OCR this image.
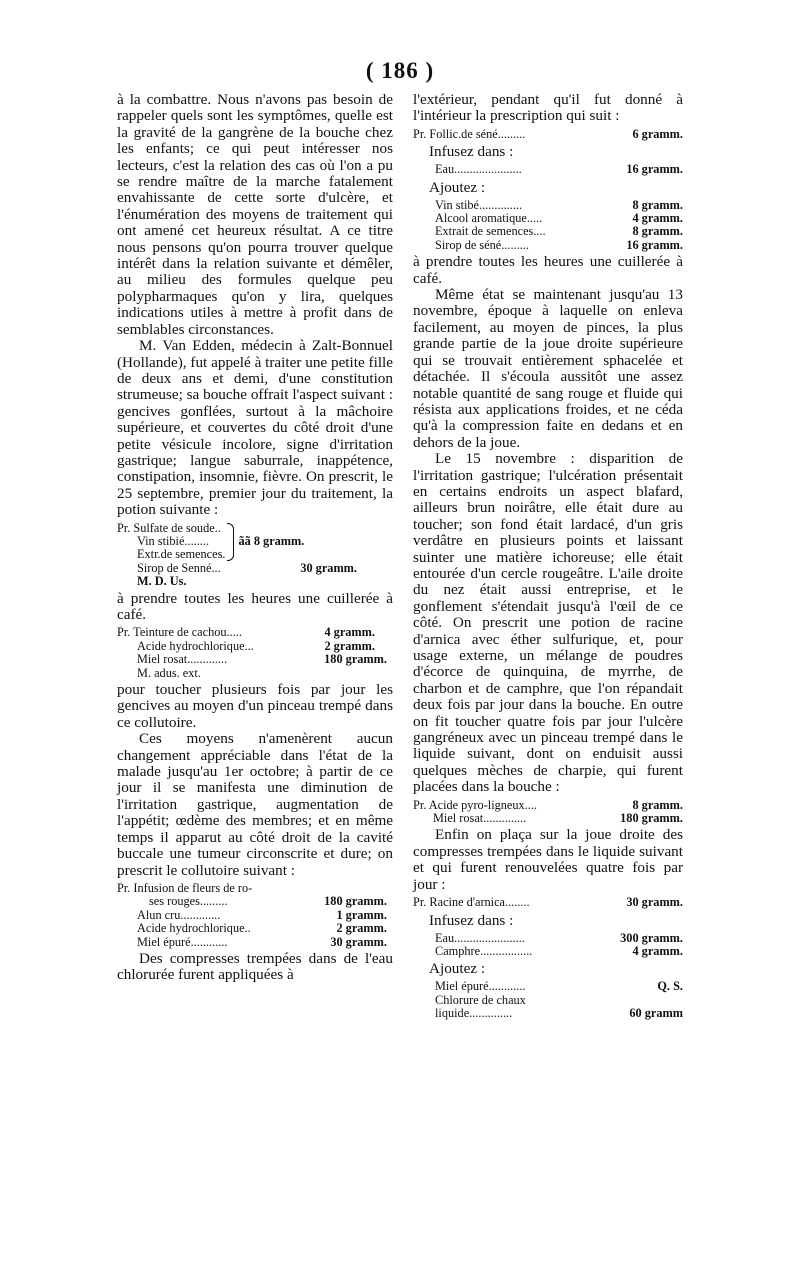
( 186 )

à la combattre. Nous n'avons pas besoin de rappeler quels sont les symptômes, quelle est la gravité de la gangrène de la bouche chez les enfants; ce qui peut intéresser nos lecteurs, c'est la relation des cas où l'on a pu se rendre maître de la marche fatalement envahissante de cette sorte d'ulcère, et l'énumération des moyens de traitement qui ont amené cet heureux résultat. A ce titre nous pensons qu'on pourra trouver quelque intérêt dans la relation suivante et démêler, au milieu des formules quelque peu polypharmaques qu'on y lira, quelques indications utiles à mettre à profit dans de semblables circonstances.

M. Van Edden, médecin à Zalt-Bonnuel (Hollande), fut appelé à traiter une petite fille de deux ans et demi, d'une constitution strumeuse; sa bouche offrait l'aspect suivant : gencives gonflées, surtout à la mâchoire supérieure, et couvertes du côté droit d'une petite vésicule incolore, signe d'irritation gastrique; langue saburrale, inappétence, constipation, insomnie, fièvre. On prescrit, le 25 septembre, premier jour du traitement, la potion suivante :

Pr. Sulfate de soude..
Vin stibié........
Extr.de semences.
ãã 8 gramm.
Sirop de Senné...	30 gramm.
M. D. Us.

à prendre toutes les heures une cuillerée à café.

Pr. Teinture de cachou.....	4 gramm.
Acide hydrochlorique...	2 gramm.
Miel rosat.............	180 gramm.
M. adus. ext.

pour toucher plusieurs fois par jour les gencives au moyen d'un pinceau trempé dans ce collutoire.

Ces moyens n'amenèrent aucun changement appréciable dans l'état de la malade jusqu'au 1er octobre; à partir de ce jour il se manifesta une diminution de l'irritation gastrique, augmentation de l'appétit; œdème des membres; et en même temps il apparut au côté droit de la cavité buccale une tumeur circonscrite et dure; on prescrit le collutoire suivant :

Pr. Infusion de fleurs de ro-
ses rouges.........	180 gramm.
Alun cru.............	1 gramm.
Acide hydrochlorique..	2 gramm.
Miel épuré............	30 gramm.

Des compresses trempées dans de l'eau chlorurée furent appliquées à

l'extérieur, pendant qu'il fut donné à l'intérieur la prescription qui suit :

Pr. Follic.de séné.........	6 gramm.
Infusez dans :
Eau......................	16 gramm.
Ajoutez :
Vin stibé..............	8 gramm.
Alcool aromatique.....	4 gramm.
Extrait de semences....	8 gramm.
Sirop de séné.........	16 gramm.

à prendre toutes les heures une cuillerée à café.

Même état se maintenant jusqu'au 13 novembre, époque à laquelle on enleva facilement, au moyen de pinces, la plus grande partie de la joue droite supérieure qui se trouvait entièrement sphacelée et détachée. Il s'écoula aussitôt une assez notable quantité de sang rouge et fluide qui résista aux applications froides, et ne céda qu'à la compression faite en dedans et en dehors de la joue.

Le 15 novembre : disparition de l'irritation gastrique; l'ulcération présentait en certains endroits un aspect blafard, ailleurs brun noirâtre, elle était dure au toucher; son fond était lardacé, d'un gris verdâtre en plusieurs points et laissant suinter une matière ichoreuse; elle était entourée d'un cercle rougeâtre. L'aile droite du nez était aussi entreprise, et le gonflement s'étendait jusqu'à l'œil de ce côté. On prescrit une potion de racine d'arnica avec éther sulfurique, et, pour usage externe, un mélange de poudres d'écorce de quinquina, de myrrhe, de charbon et de camphre, que l'on répandait deux fois par jour dans la bouche. En outre on fit toucher quatre fois par jour l'ulcère gangréneux avec un pinceau trempé dans le liquide suivant, dont on enduisit aussi quelques mèches de charpie, qui furent placées dans la bouche :

Pr. Acide pyro-ligneux....	8 gramm.
Miel rosat..............	180 gramm.

Enfin on plaça sur la joue droite des compresses trempées dans le liquide suivant et qui furent renouvelées quatre fois par jour :

Pr. Racine d'arnica........	30 gramm.
Infusez dans :
Eau.......................	300 gramm.
Camphre.................	4 gramm.
Ajoutez :
Miel épuré............	Q. S.
Chlorure de chaux liquide..............	60 gramm
